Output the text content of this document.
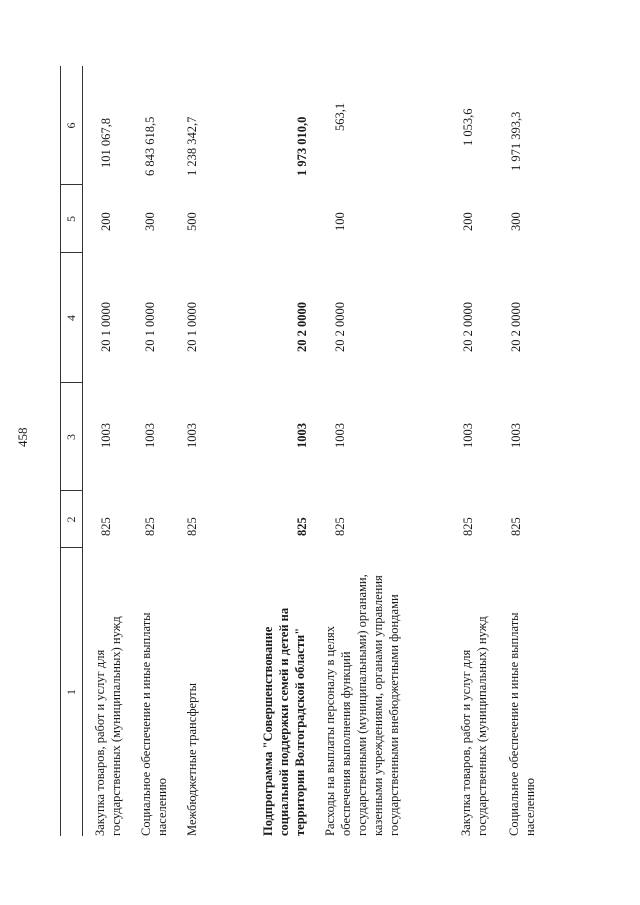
458
1
2
3
4
5
6
Закупка товаров, работ и услуг для государственных (муниципальных) нужд
825
1003
20 1 0000
200
101 067,8
Социальное обеспечение и иные выплаты населению
825
1003
20 1 0000
300
6 843 618,5
Межбюджетные трансферты
825
1003
20 1 0000
500
1 238 342,7
Подпрограмма "Совершенствование социальной поддержки семей и детей на территории Волгоградской области"
825
1003
20 2 0000
1 973 010,0
Расходы на выплаты персоналу в целях обеспечения выполнения функций государственными (муниципальными) органами, казенными учреждениями, органами управления государственными внебюджетными фондами
825
1003
20 2 0000
100
563,1
Закупка товаров, работ и услуг для государственных (муниципальных) нужд
825
1003
20 2 0000
200
1 053,6
Социальное обеспечение и иные выплаты населению
825
1003
20 2 0000
300
1 971 393,3
